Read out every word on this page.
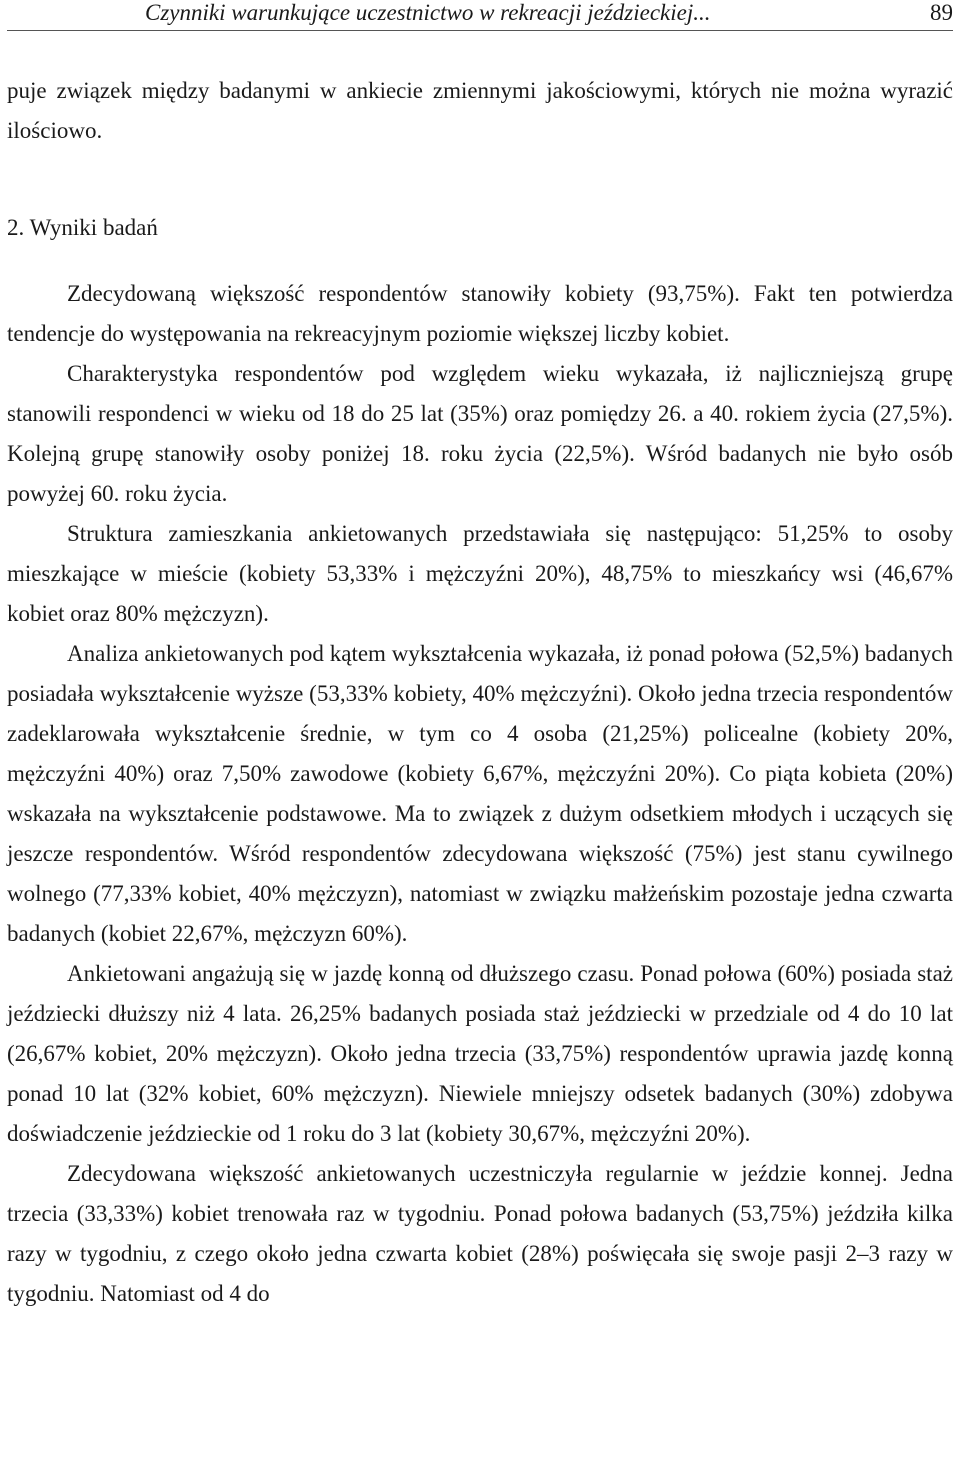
Czynniki warunkujące uczestnictwo w rekreacji jeździeckiej...	89

puje związek między badanymi w ankiecie zmiennymi jakościowymi, których nie można wyrazić ilościowo.

2. Wyniki badań

Zdecydowaną większość respondentów stanowiły kobiety (93,75%). Fakt ten potwierdza tendencje do występowania na rekreacyjnym poziomie większej liczby kobiet.

Charakterystyka respondentów pod względem wieku wykazała, iż najliczniejszą grupę stanowili respondenci w wieku od 18 do 25 lat (35%) oraz pomiędzy 26. a 40. rokiem życia (27,5%). Kolejną grupę stanowiły osoby poniżej 18. roku życia (22,5%). Wśród badanych nie było osób powyżej 60. roku życia.

Struktura zamieszkania ankietowanych przedstawiała się następująco: 51,25% to osoby mieszkające w mieście (kobiety 53,33% i mężczyźni 20%), 48,75% to mieszkańcy wsi (46,67% kobiet oraz 80% mężczyzn).

Analiza ankietowanych pod kątem wykształcenia wykazała, iż ponad połowa (52,5%) badanych posiadała wykształcenie wyższe (53,33% kobiety, 40% mężczyźni). Około jedna trzecia respondentów zadeklarowała wykształcenie średnie, w tym co 4 osoba (21,25%) policealne (kobiety 20%, mężczyźni 40%) oraz 7,50% zawodowe (kobiety 6,67%, mężczyźni 20%). Co piąta kobieta (20%) wskazała na wykształcenie podstawowe. Ma to związek z dużym odsetkiem młodych i uczących się jeszcze respondentów. Wśród respondentów zdecydowana większość (75%) jest stanu cywilnego wolnego (77,33% kobiet, 40% mężczyzn), natomiast w związku małżeńskim pozostaje jedna czwarta badanych (kobiet 22,67%, mężczyzn 60%).

Ankietowani angażują się w jazdę konną od dłuższego czasu. Ponad połowa (60%) posiada staż jeździecki dłuższy niż 4 lata. 26,25% badanych posiada staż jeździecki w przedziale od 4 do 10 lat (26,67% kobiet, 20% mężczyzn). Około jedna trzecia (33,75%) respondentów uprawia jazdę konną ponad 10 lat (32% kobiet, 60% mężczyzn). Niewiele mniejszy odsetek badanych (30%) zdobywa doświadczenie jeździeckie od 1 roku do 3 lat (kobiety 30,67%, mężczyźni 20%).

Zdecydowana większość ankietowanych uczestniczyła regularnie w jeździe konnej. Jedna trzecia (33,33%) kobiet trenowała raz w tygodniu. Ponad połowa badanych (53,75%) jeździła kilka razy w tygodniu, z czego około jedna czwarta kobiet (28%) poświęcała się swoje pasji 2–3 razy w tygodniu. Natomiast od 4 do
